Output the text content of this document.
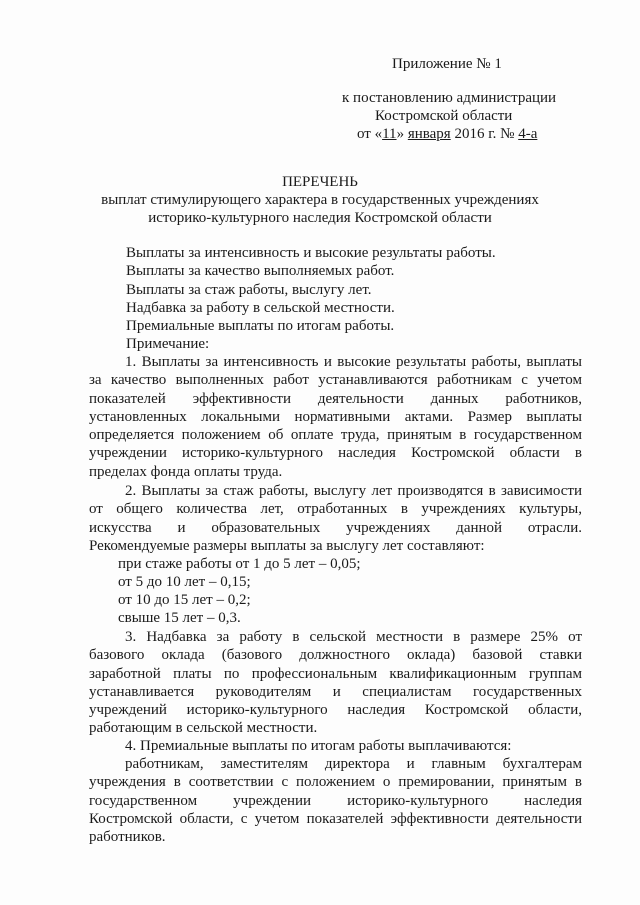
Приложение № 1
к постановлению администрации
Костромской области
от «11» января 2016 г. № 4-а
ПЕРЕЧЕНЬ
выплат стимулирующего характера в государственных учреждениях
историко-культурного наследия Костромской области
Выплаты за интенсивность и высокие результаты работы.
Выплаты за качество выполняемых работ.
Выплаты за стаж работы, выслугу лет.
Надбавка за работу в сельской местности.
Премиальные выплаты по итогам работы.
Примечание:
1. Выплаты за интенсивность и высокие результаты работы, выплаты
за качество выполненных работ устанавливаются работникам с учетом
показателей эффективности деятельности данных работников,
установленных локальными нормативными актами. Размер выплаты
определяется положением об оплате труда, принятым в государственном
учреждении историко-культурного наследия Костромской области в
пределах фонда оплаты труда.
2. Выплаты за стаж работы, выслугу лет производятся в зависимости
от общего количества лет, отработанных в учреждениях культуры,
искусства и образовательных учреждениях данной отрасли.
Рекомендуемые размеры выплаты за выслугу лет составляют:
при стаже работы от 1 до 5 лет – 0,05;
от 5 до 10 лет – 0,15;
от 10 до 15 лет – 0,2;
свыше 15 лет – 0,3.
3. Надбавка за работу в сельской местности в размере 25% от
базового оклада (базового должностного оклада) базовой ставки
заработной платы по профессиональным квалификационным группам
устанавливается руководителям и специалистам государственных
учреждений историко-культурного наследия Костромской области,
работающим в сельской местности.
4. Премиальные выплаты по итогам работы выплачиваются:
работникам, заместителям директора и главным бухгалтерам
учреждения в соответствии с положением о премировании, принятым в
государственном учреждении историко-культурного наследия
Костромской области, с учетом показателей эффективности деятельности
работников.
